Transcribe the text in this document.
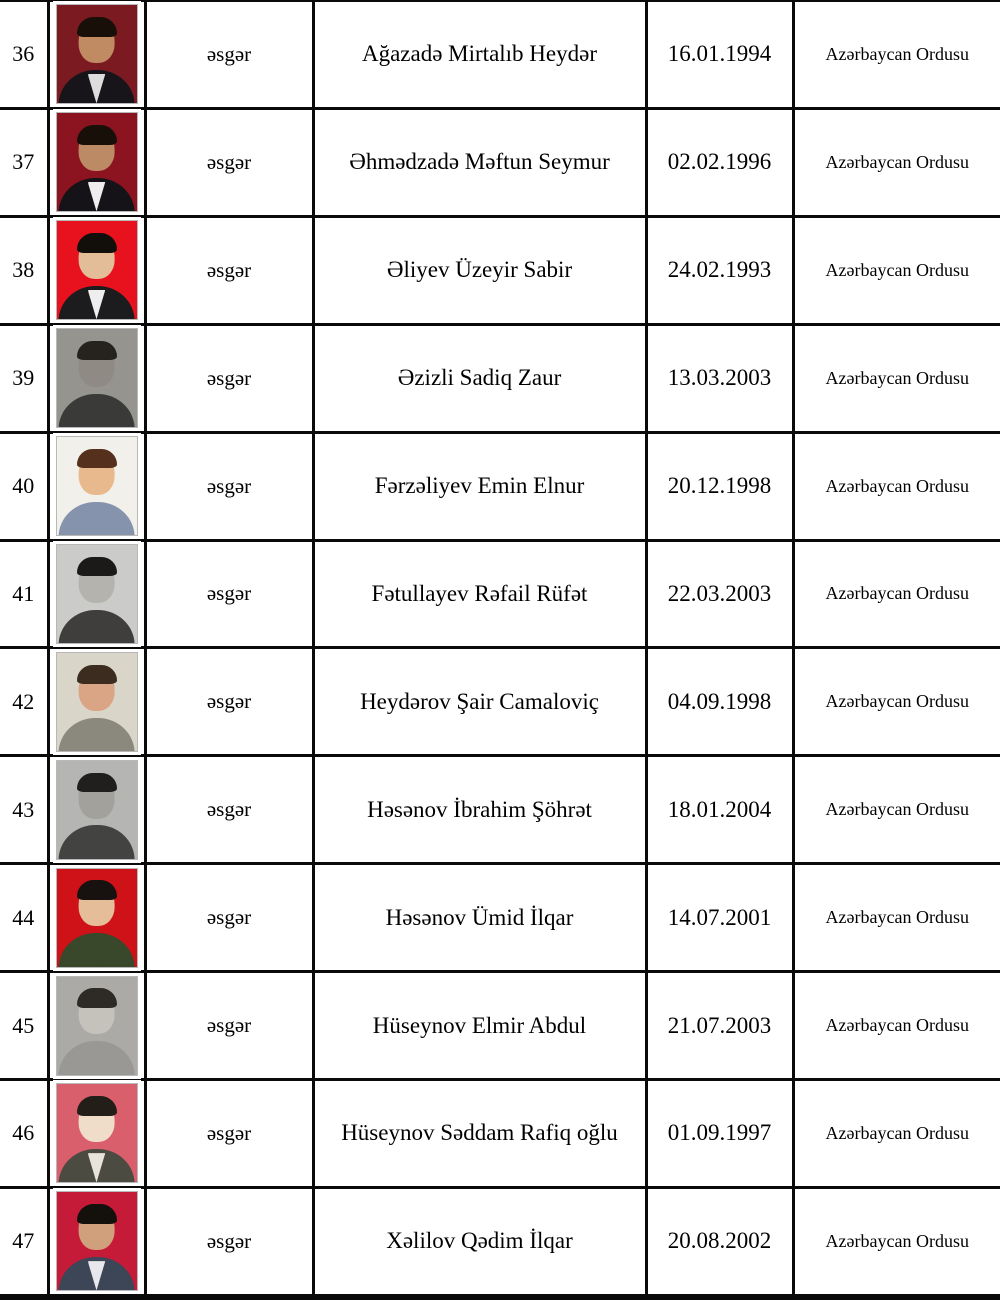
36		əsgər	Ağazadə Mirtalıb Heydər	16.01.1994	Azərbaycan Ordusu
37		əsgər	Əhmədzadə Məftun Seymur	02.02.1996	Azərbaycan Ordusu
38		əsgər	Əliyev Üzeyir Sabir	24.02.1993	Azərbaycan Ordusu
39		əsgər	Əzizli Sadiq Zaur	13.03.2003	Azərbaycan Ordusu
40		əsgər	Fərzəliyev Emin Elnur	20.12.1998	Azərbaycan Ordusu
41		əsgər	Fətullayev Rəfail Rüfət	22.03.2003	Azərbaycan Ordusu
42		əsgər	Heydərov Şair Camaloviç	04.09.1998	Azərbaycan Ordusu
43		əsgər	Həsənov İbrahim Şöhrət	18.01.2004	Azərbaycan Ordusu
44		əsgər	Həsənov Ümid İlqar	14.07.2001	Azərbaycan Ordusu
45		əsgər	Hüseynov Elmir Abdul	21.07.2003	Azərbaycan Ordusu
46		əsgər	Hüseynov Səddam Rafiq oğlu	01.09.1997	Azərbaycan Ordusu
47		əsgər	Xəlilov Qədim İlqar	20.08.2002	Azərbaycan Ordusu
